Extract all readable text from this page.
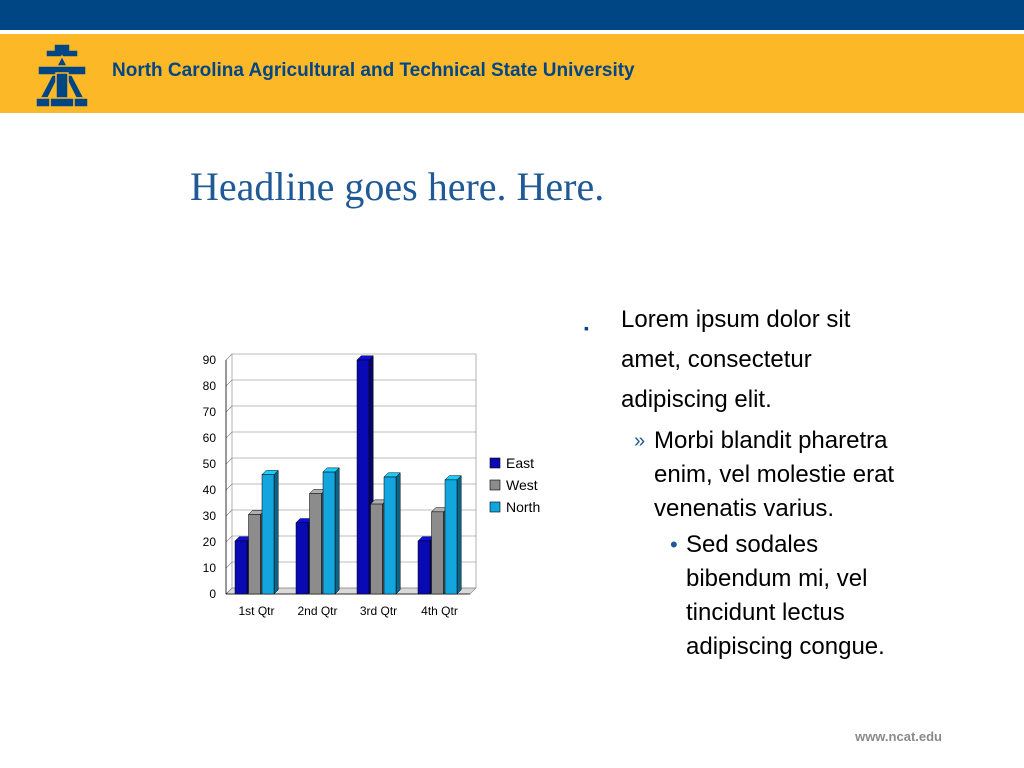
North Carolina Agricultural and Technical State University
Headline goes here. Here.
0
10
20
30
40
50
60
70
80
90
1st Qtr 2nd Qtr 3rd Qtr 4th Qtr
East
West
North
▪ Lorem ipsum dolor sit amet, consectetur adipiscing elit.
» Morbi blandit pharetra enim, vel molestie erat venenatis varius.
• Sed sodales bibendum mi, vel tincidunt lectus adipiscing congue.
www.ncat.edu
